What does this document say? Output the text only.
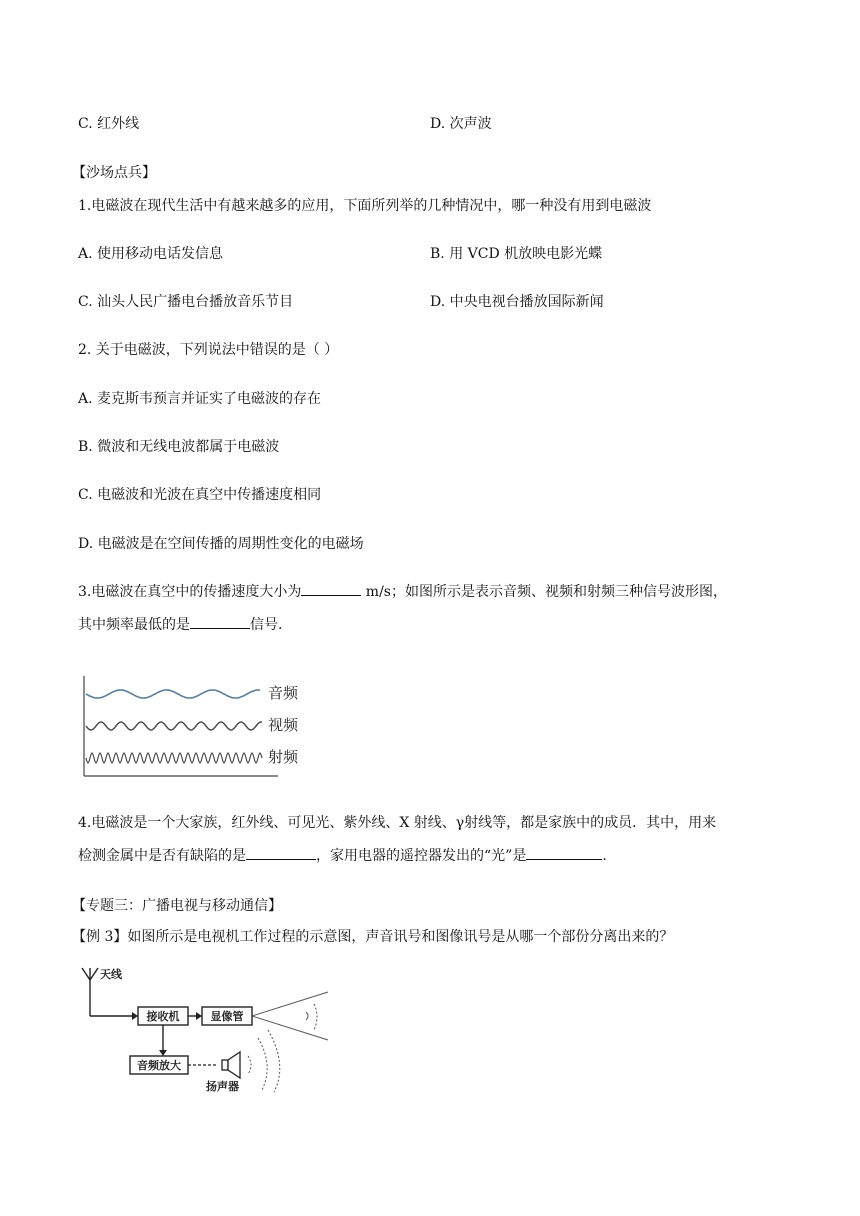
C. 红外线	D. 次声波
【沙场点兵】
1.电磁波在现代生活中有越来越多的应用，下面所列举的几种情况中，哪一种没有用到电磁波
A. 使用移动电话发信息	B. 用 VCD 机放映电影光蝶
C. 汕头人民广播电台播放音乐节目	D. 中央电视台播放国际新闻
2. 关于电磁波，下列说法中错误的是（ ）
A. 麦克斯韦预言并证实了电磁波的存在
B. 微波和无线电波都属于电磁波
C. 电磁波和光波在真空中传播速度相同
D. 电磁波是在空间传播的周期性变化的电磁场
3.电磁波在真空中的传播速度大小为	m/s；如图所示是表示音频、视频和射频三种信号波形图，
其中频率最低的是	信号.
音频
视频
射频
4.电磁波是一个大家族，红外线、可见光、紫外线、X 射线、γ射线等，都是家族中的成员．其中，用来
检测金属中是否有缺陷的是	，家用电器的遥控器发出的“光”是	.
【专题三：广播电视与移动通信】
【例 3】如图所示是电视机工作过程的示意图，声音讯号和图像讯号是从哪一个部份分离出来的？
天线
接收机	显像管
音频放大
扬声器
